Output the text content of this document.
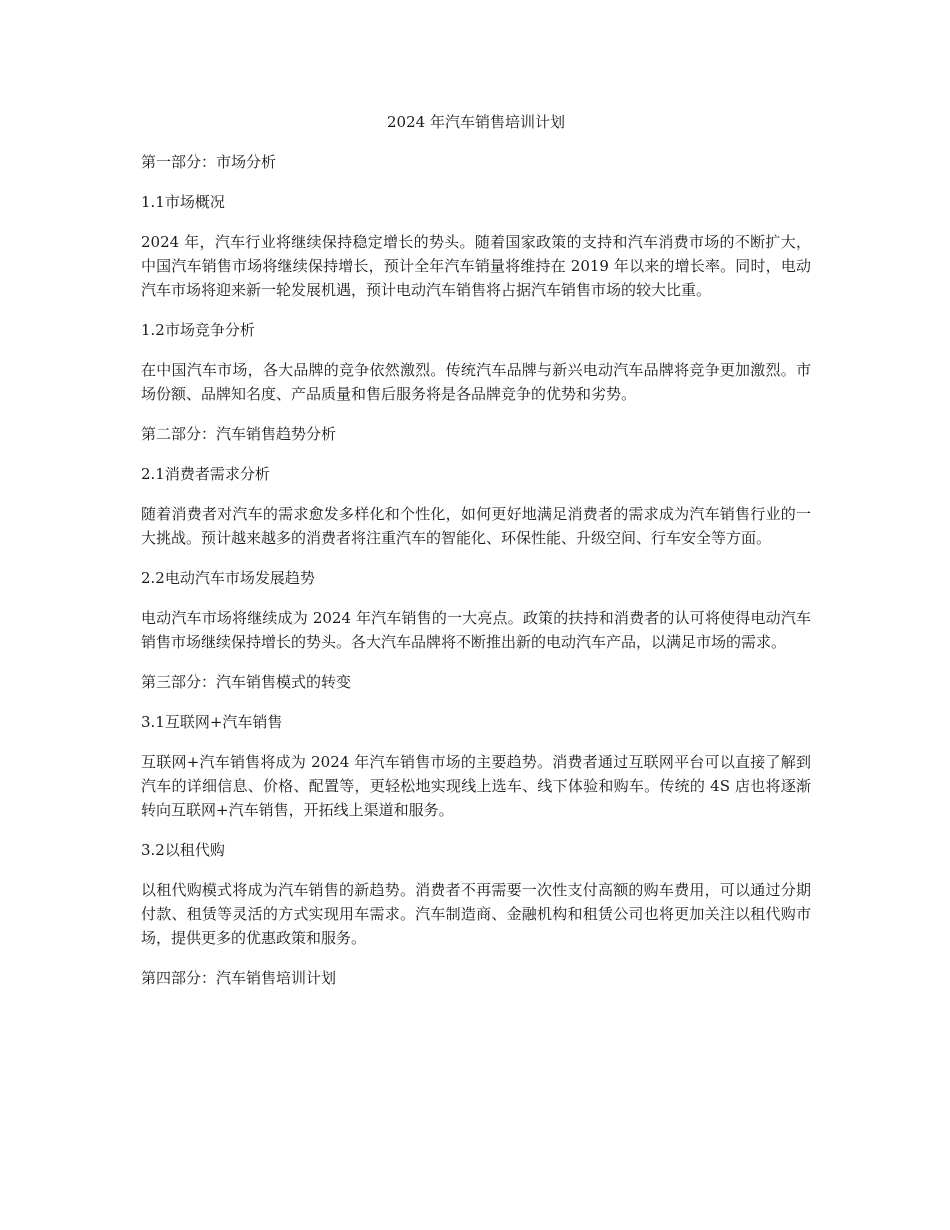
2024 年汽车销售培训计划
第一部分：市场分析
1.1市场概况
2024 年，汽车行业将继续保持稳定增长的势头。随着国家政策的支持和汽车消费市场的不断扩大，中国汽车销售市场将继续保持增长，预计全年汽车销量将维持在 2019 年以来的增长率。同时，电动汽车市场将迎来新一轮发展机遇，预计电动汽车销售将占据汽车销售市场的较大比重。
1.2市场竞争分析
在中国汽车市场，各大品牌的竞争依然激烈。传统汽车品牌与新兴电动汽车品牌将竞争更加激烈。市场份额、品牌知名度、产品质量和售后服务将是各品牌竞争的优势和劣势。
第二部分：汽车销售趋势分析
2.1消费者需求分析
随着消费者对汽车的需求愈发多样化和个性化，如何更好地满足消费者的需求成为汽车销售行业的一大挑战。预计越来越多的消费者将注重汽车的智能化、环保性能、升级空间、行车安全等方面。
2.2电动汽车市场发展趋势
电动汽车市场将继续成为 2024 年汽车销售的一大亮点。政策的扶持和消费者的认可将使得电动汽车销售市场继续保持增长的势头。各大汽车品牌将不断推出新的电动汽车产品，以满足市场的需求。
第三部分：汽车销售模式的转变
3.1互联网+汽车销售
互联网+汽车销售将成为 2024 年汽车销售市场的主要趋势。消费者通过互联网平台可以直接了解到汽车的详细信息、价格、配置等，更轻松地实现线上选车、线下体验和购车。传统的 4S 店也将逐渐转向互联网+汽车销售，开拓线上渠道和服务。
3.2以租代购
以租代购模式将成为汽车销售的新趋势。消费者不再需要一次性支付高额的购车费用，可以通过分期付款、租赁等灵活的方式实现用车需求。汽车制造商、金融机构和租赁公司也将更加关注以租代购市场，提供更多的优惠政策和服务。
第四部分：汽车销售培训计划
